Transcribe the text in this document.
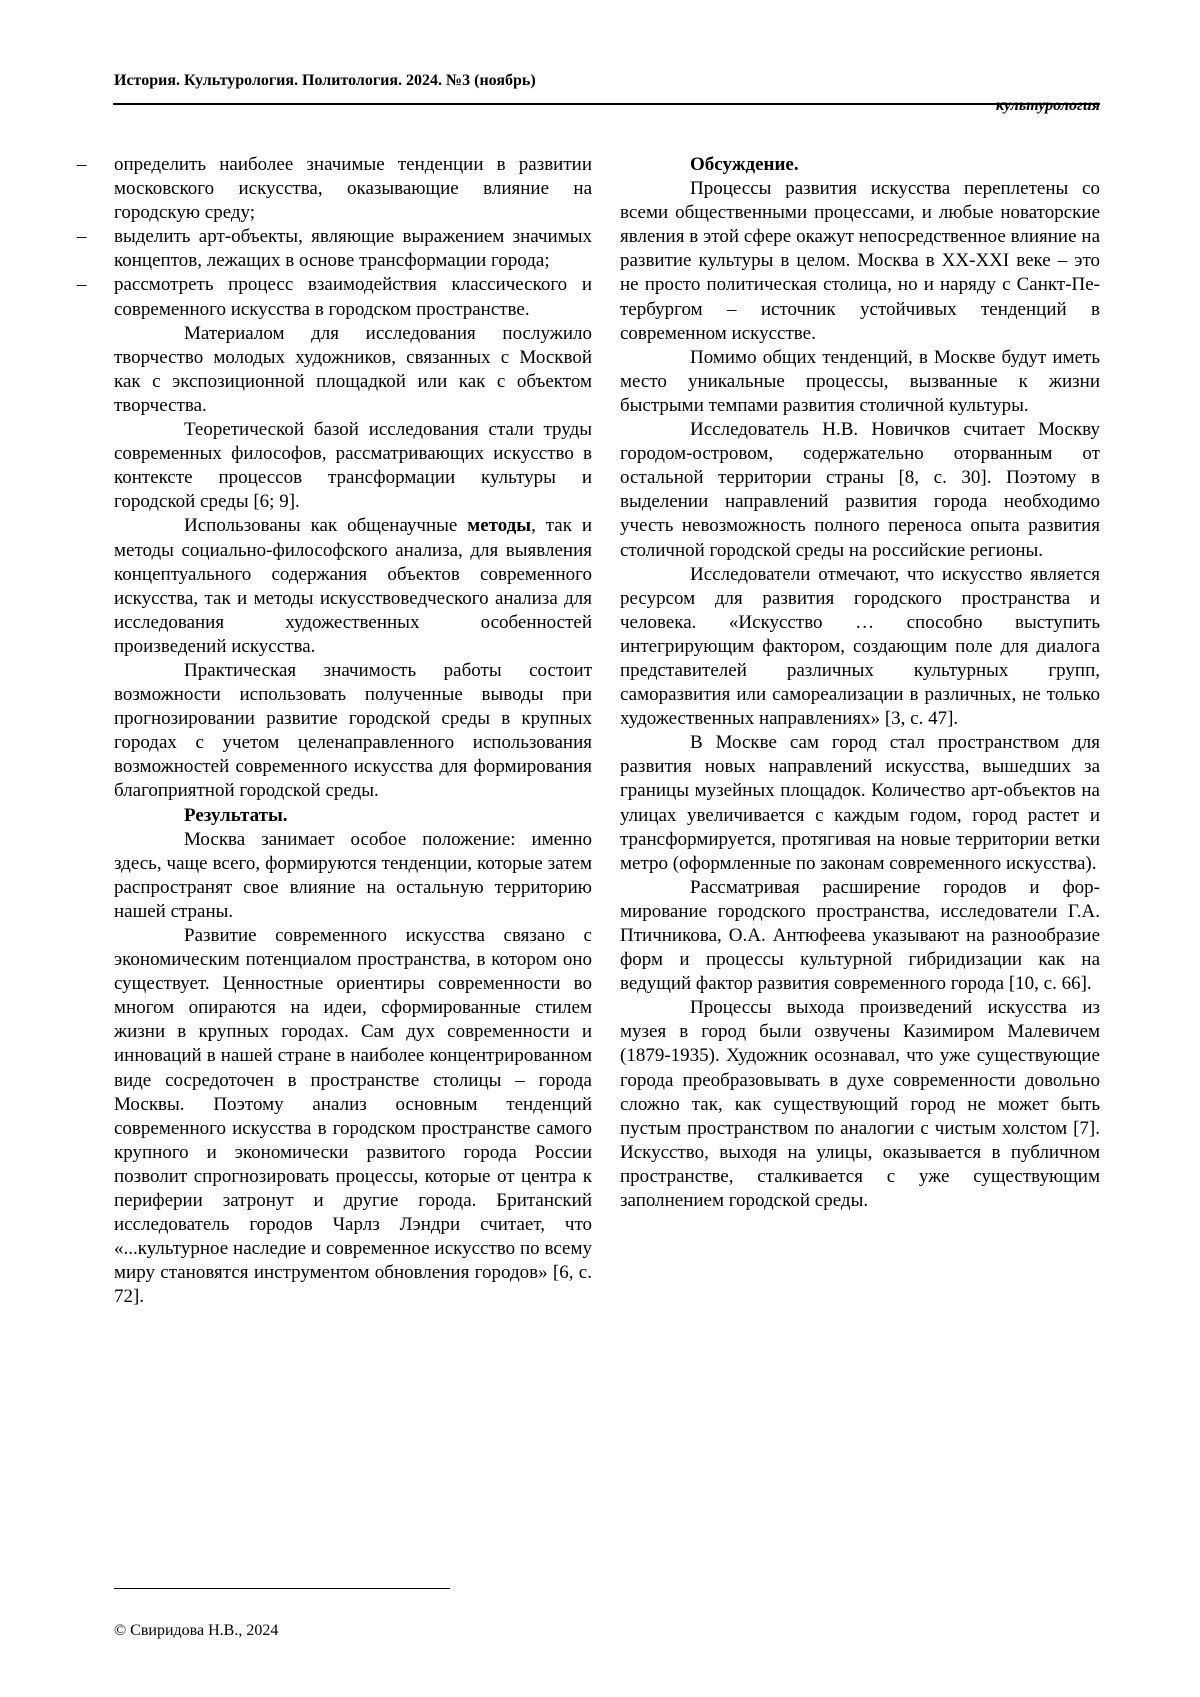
История. Культурология. Политология. 2024. №3 (ноябрь)
культурология

– определить наиболее значимые тенденции в развитии московского искусства, оказывающие влияние на городскую среду;

– выделить арт-объекты, являющие выражением значимых концептов, лежащих в основе трансформации города;

– рассмотреть процесс взаимодействия классического и современного искусства в городском пространстве.

Материалом для исследования послужило творчество молодых художников, связанных с Москвой как с экспозиционной площадкой или как с объектом творчества.

Теоретической базой исследования стали труды современных философов, рассматривающих искусство в контексте процессов трансформации культуры и городской среды [6; 9].

Использованы как общенаучные методы, так и методы социально-философского анализа, для выявления концептуального содержания объектов современного искусства, так и методы искусствоведческого анализа для исследования художественных особенностей произведений искусства.

Практическая значимость работы состоит возможности использовать полученные выводы при прогнозировании развитие городской среды в крупных городах с учетом целенаправленного использования возможностей современного искусства для формирования благоприятной городской среды.

Результаты.

Москва занимает особое положение: именно здесь, чаще всего, формируются тенденции, которые затем распространят свое влияние на остальную территорию нашей страны.

Развитие современного искусства связано с экономическим потенциалом пространства, в котором оно существует. Ценностные ориентиры современности во многом опираются на идеи, сформированные стилем жизни в крупных городах. Сам дух современности и инноваций в нашей стране в наиболее концентрированном виде сосредоточен в пространстве столицы – города Москвы. Поэтому анализ основным тенденций современного искусства в городском пространстве самого крупного и экономически развитого города России позволит спрогнозировать процессы, которые от центра к периферии затронут и другие города. Британский исследователь городов Чарлз Лэндри считает, что «...культурное наследие и современное искусство по всему миру становятся инструментом обновления городов» [6, с. 72].

Обсуждение.

Процессы развития искусства переплетены со всеми общественными процессами, и любые новаторские явления в этой сфере окажут непосредственное влияние на развитие культуры в целом. Москва в XX-XXI веке – это не просто политическая столица, но и наряду с Санкт-Петербургом – источник устойчивых тенденций в современном искусстве.

Помимо общих тенденций, в Москве будут иметь место уникальные процессы, вызванные к жизни быстрыми темпами развития столичной культуры.

Исследователь Н.В. Новичков считает Москву городом-островом, содержательно оторванным от остальной территории страны [8, с. 30]. Поэтому в выделении направлений развития города необходимо учесть невозможность полного переноса опыта развития столичной городской среды на российские регионы.

Исследователи отмечают, что искусство является ресурсом для развития городского пространства и человека. «Искусство … способно выступить интегрирующим фактором, создающим поле для диалога представителей различных культурных групп, саморазвития или самореализации в различных, не только художественных направлениях» [3, с. 47].

В Москве сам город стал пространством для развития новых направлений искусства, вышедших за границы музейных площадок. Количество арт-объектов на улицах увеличивается с каждым годом, город растет и трансформируется, протягивая на новые территории ветки метро (оформленные по законам современного искусства).

Рассматривая расширение городов и формирование городского пространства, исследователи Г.А. Птичникова, О.А. Антюфеева указывают на разнообразие форм и процессы культурной гибридизации как на ведущий фактор развития современного города [10, с. 66].

Процессы выхода произведений искусства из музея в город были озвучены Казимиром Малевичем (1879-1935). Художник осознавал, что уже существующие города преобразовывать в духе современности довольно сложно так, как существующий город не может быть пустым пространством по аналогии с чистым холстом [7]. Искусство, выходя на улицы, оказывается в публичном пространстве, сталкивается с уже существующим заполнением городской среды.

© Свиридова Н.В., 2024
